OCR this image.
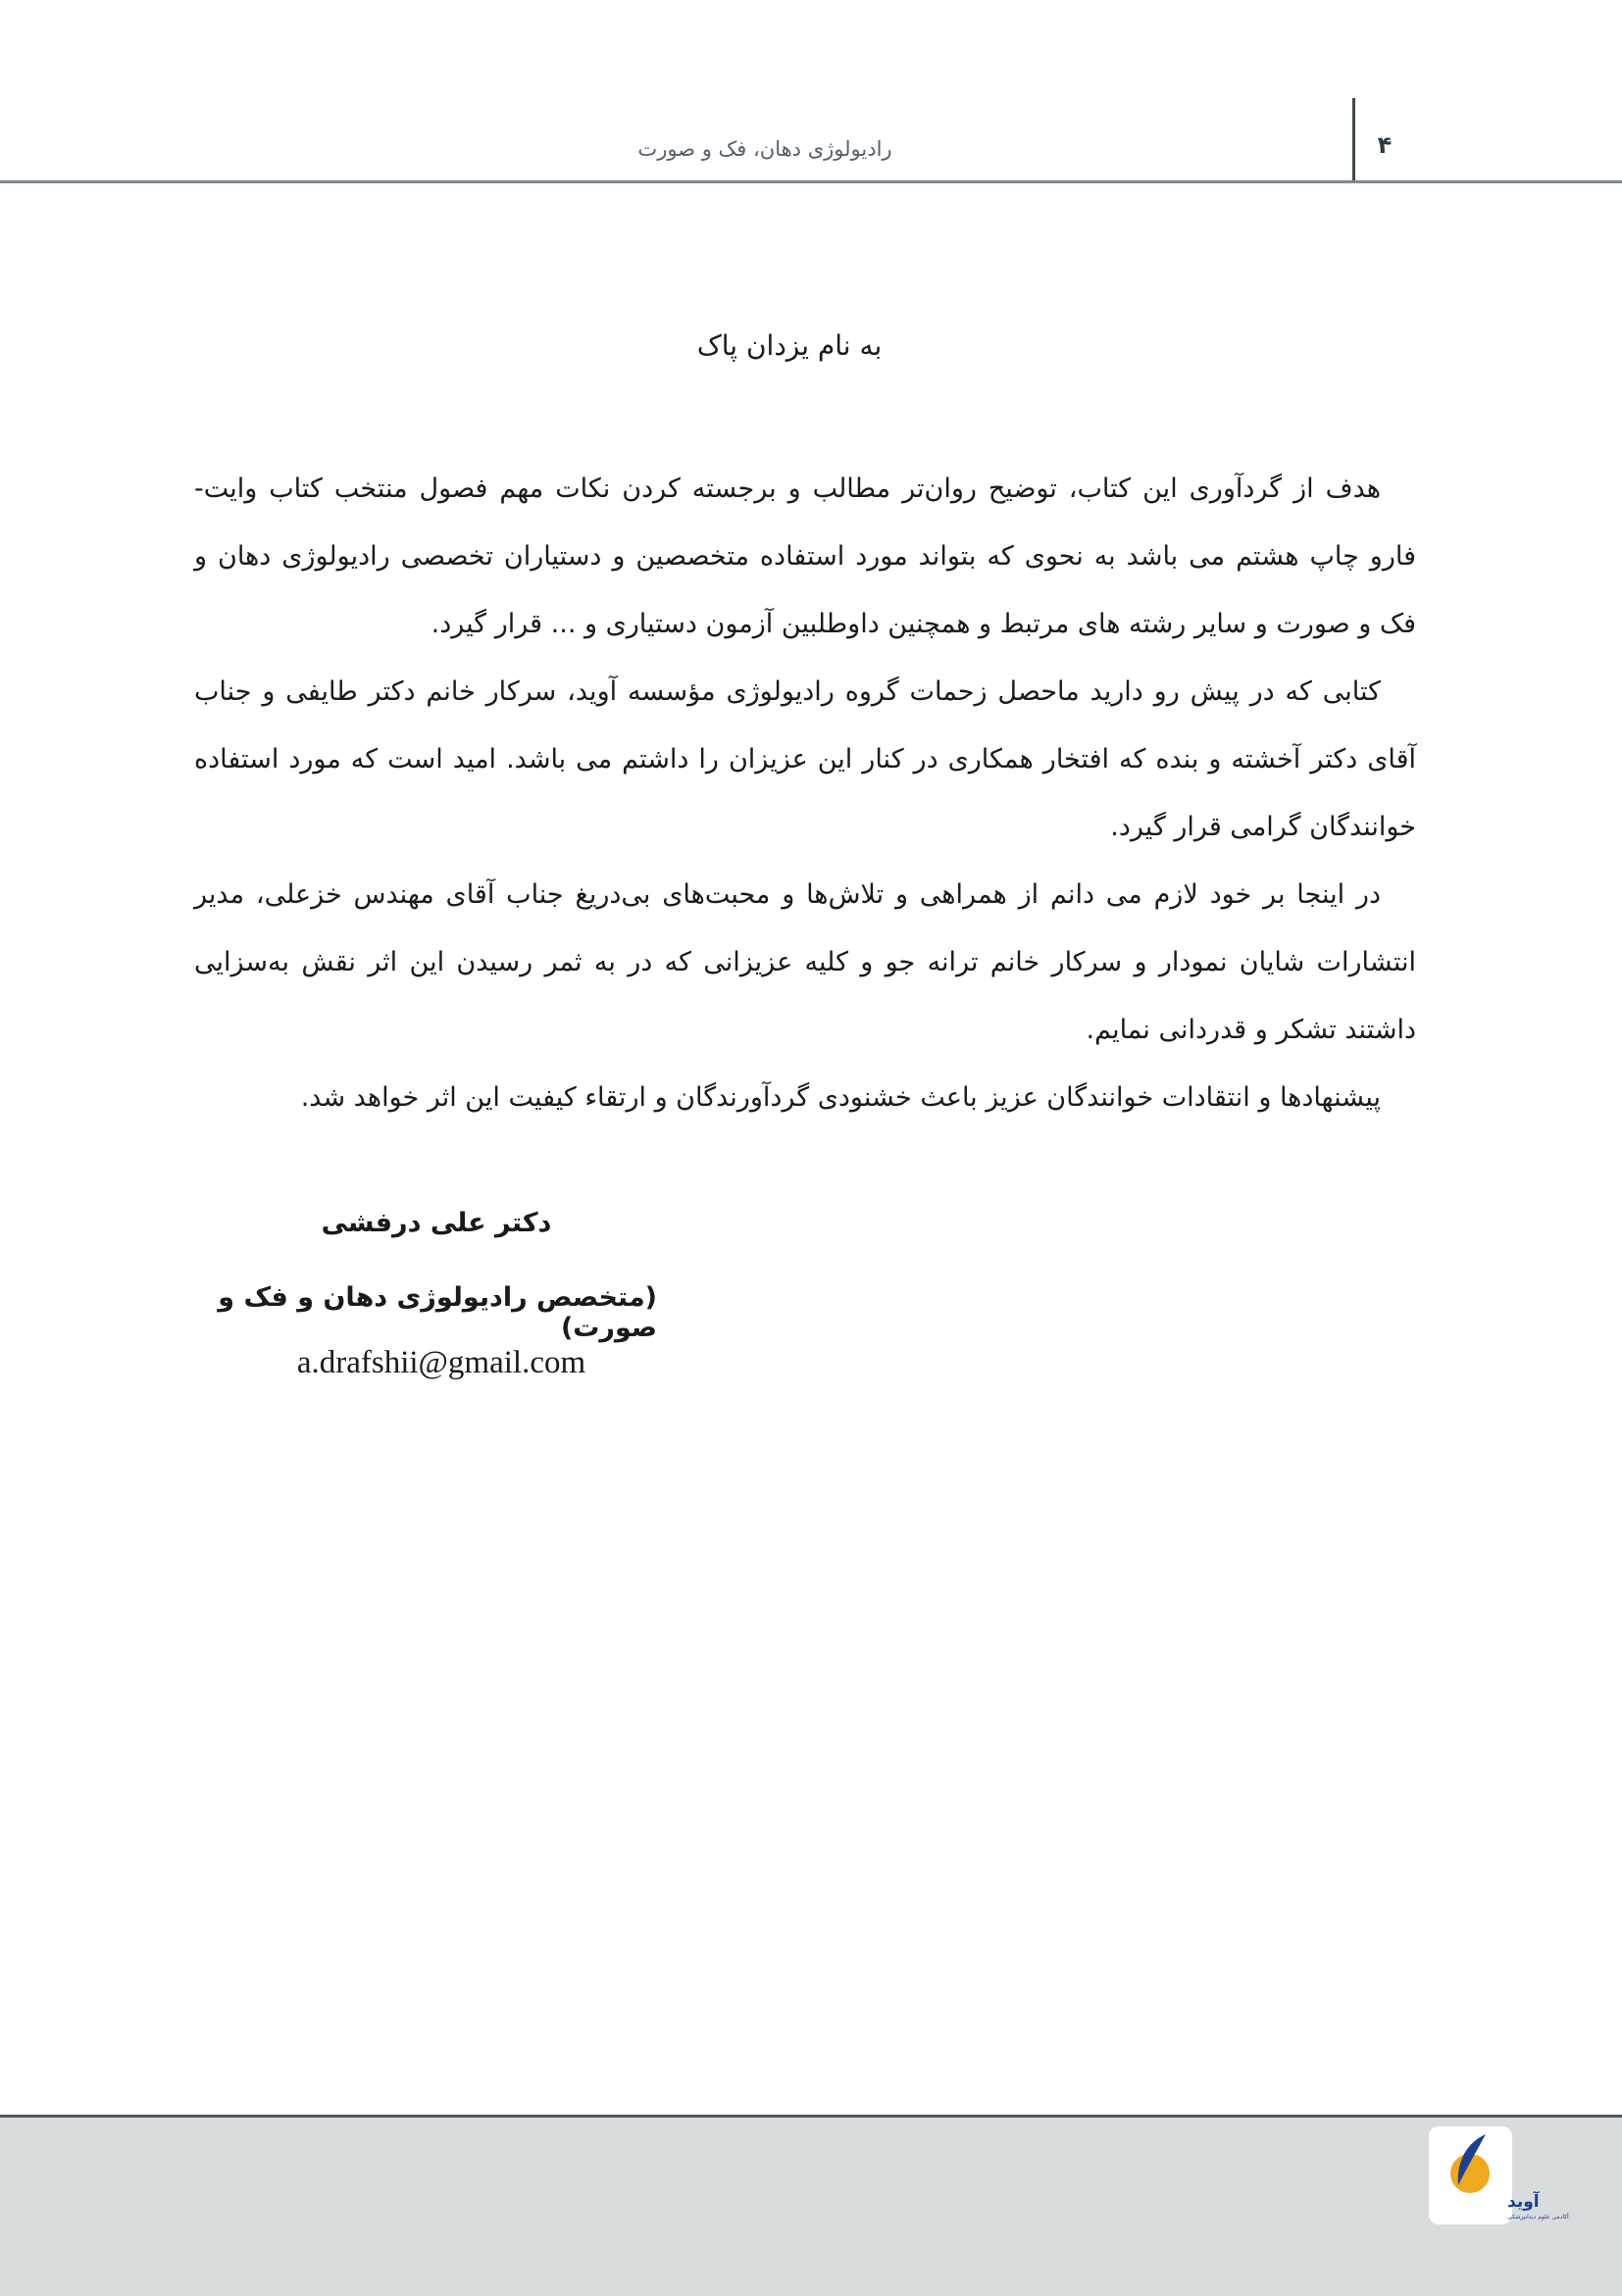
رادیولوژی دهان، فک و صورت	۴
به نام یزدان پاک

هدف از گردآوری این کتاب، توضیح روان‌تر مطالب و برجسته کردن نکات مهم فصول منتخب کتاب وایت- فارو چاپ هشتم می باشد به نحوی که بتواند مورد استفاده متخصصین و دستیاران تخصصی رادیولوژی دهان و فک و صورت و سایر رشته های مرتبط و همچنین داوطلبین آزمون دستیاری و ... قرار گیرد.

کتابی که در پیش رو دارید ماحصل زحمات گروه رادیولوژی مؤسسه آوید، سرکار خانم دکتر طایفی و جناب آقای دکتر آخشته و بنده که افتخار همکاری در کنار این عزیزان را داشتم می باشد. امید است که مورد استفاده خوانندگان گرامی قرار گیرد.

در اینجا بر خود لازم می دانم از همراهی و تلاش‌ها و محبت‌های بی‌دریغ جناب آقای مهندس خزعلی، مدیر انتشارات شایان نمودار و سرکار خانم ترانه جو و کلیه عزیزانی که در به ثمر رسیدن این اثر نقش به‌سزایی داشتند تشکر و قدردانی نمایم.

پیشنهادها و انتقادات خوانندگان عزیز باعث خشنودی گردآورندگان و ارتقاء کیفیت این اثر خواهد شد.

دکتر علی درفشی
(متخصص رادیولوژی دهان و فک و صورت)
a.drafshii@gmail.com
آوید
آکادمی علوم دندانپزشکی
